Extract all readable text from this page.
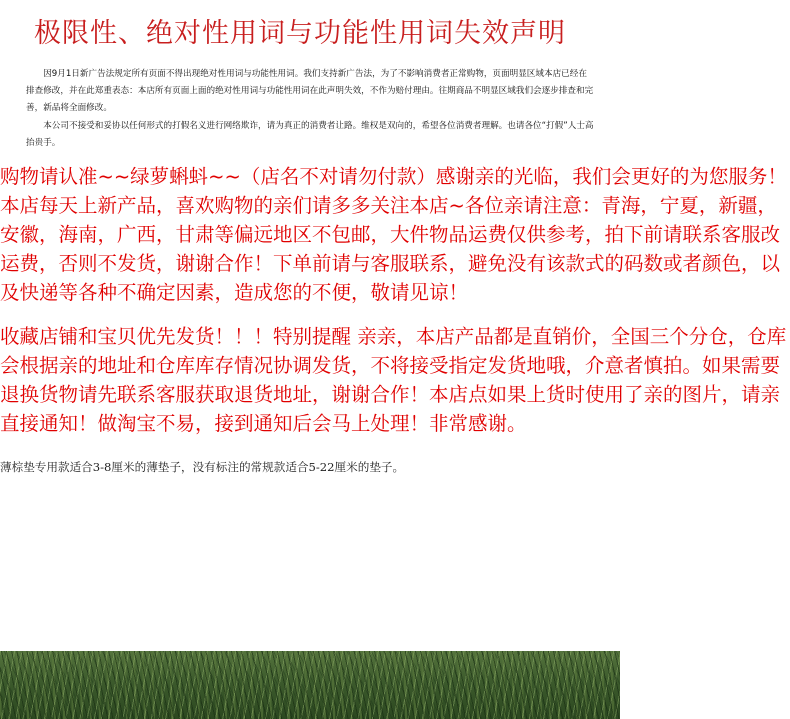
极限性、绝对性用词与功能性用词失效声明

因9月1日新广告法规定所有页面不得出现绝对性用词与功能性用词。我们支持新广告法，为了不影响消费者正常购物，页面明显区域本店已经在排查修改，并在此郑重表态：本店所有页面上面的绝对性用词与功能性用词在此声明失效，不作为赔付理由。往期商品不明显区域我们会逐步排查和完善，新品将全面修改。

本公司不接受和妥协以任何形式的打假名义进行网络欺诈，请为真正的消费者让路。维权是双向的，希望各位消费者理解。也请各位“打假”人士高抬贵手。

购物请认准~~绿萝蝌蚪~~（店名不对请勿付款）感谢亲的光临，我们会更好的为您服务！本店每天上新产品，喜欢购物的亲们请多多关注本店~各位亲请注意：青海，宁夏，新疆，安徽，海南，广西，甘肃等偏远地区不包邮，大件物品运费仅供参考，拍下前请联系客服改运费，否则不发货，谢谢合作！下单前请与客服联系，避免没有该款式的码数或者颜色，以及快递等各种不确定因素，造成您的不便，敬请见谅！

收藏店铺和宝贝优先发货！！！特别提醒 亲亲，本店产品都是直销价，全国三个分仓，仓库会根据亲的地址和仓库库存情况协调发货，不将接受指定发货地哦，介意者慎拍。如果需要退换货物请先联系客服获取退货地址，谢谢合作！本店点如果上货时使用了亲的图片，请亲直接通知！做淘宝不易，接到通知后会马上处理！非常感谢。

薄棕垫专用款适合3-8厘米的薄垫子，没有标注的常规款适合5-22厘米的垫子。
